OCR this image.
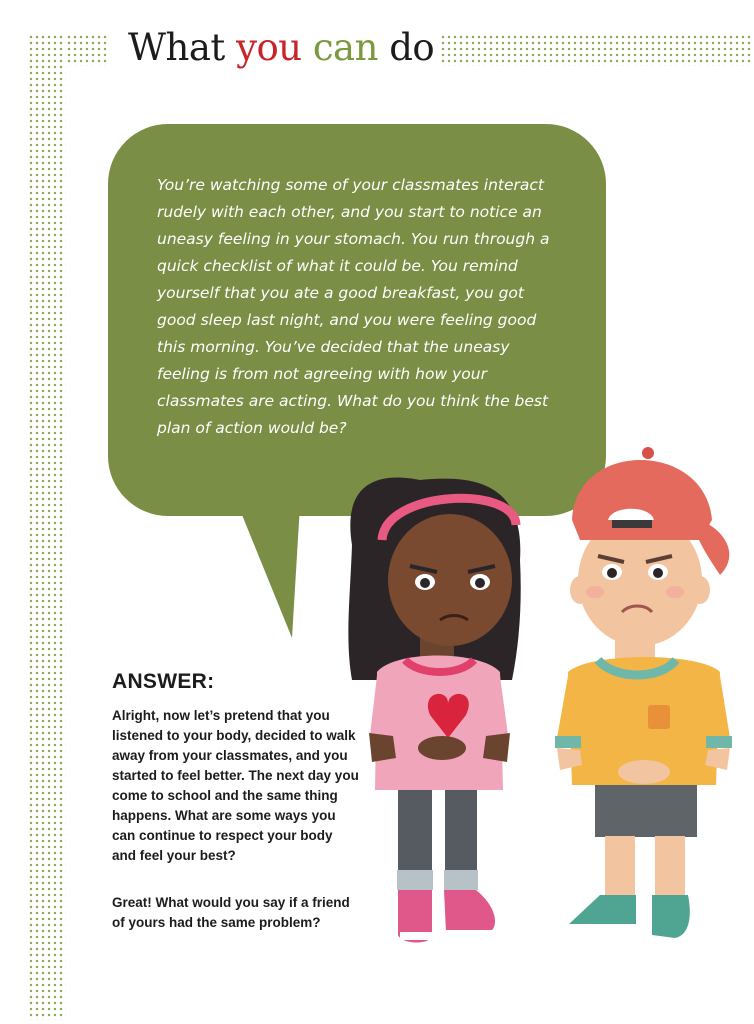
What you can do

You’re watching some of your classmates interact rudely with each other, and you start to notice an uneasy feeling in your stomach. You run through a quick checklist of what it could be. You remind yourself that you ate a good breakfast, you got good sleep last night, and you were feeling good this morning. You’ve decided that the uneasy feeling is from not agreeing with how your classmates are acting. What do you think the best plan of action would be?

ANSWER:

Alright, now let’s pretend that you listened to your body, decided to walk away from your classmates, and you started to feel better. The next day you come to school and the same thing happens. What are some ways you can continue to respect your body and feel your best?

Great! What would you say if a friend of yours had the same problem?
